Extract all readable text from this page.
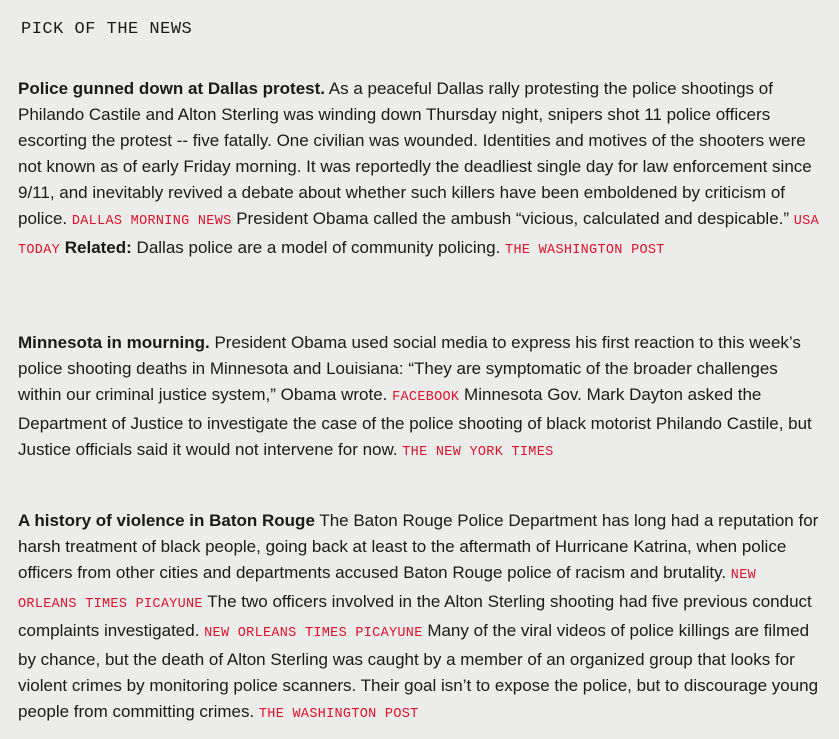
PICK OF THE NEWS

Police gunned down at Dallas protest. As a peaceful Dallas rally protesting the police shootings of Philando Castile and Alton Sterling was winding down Thursday night, snipers shot 11 police officers escorting the protest -- five fatally. One civilian was wounded. Identities and motives of the shooters were not known as of early Friday morning. It was reportedly the deadliest single day for law enforcement since 9/11, and inevitably revived a debate about whether such killers have been emboldened by criticism of police. DALLAS MORNING NEWS President Obama called the ambush “vicious, calculated and despicable.” USA TODAY Related: Dallas police are a model of community policing. THE WASHINGTON POST

Minnesota in mourning. President Obama used social media to express his first reaction to this week’s police shooting deaths in Minnesota and Louisiana: “They are symptomatic of the broader challenges within our criminal justice system,” Obama wrote. FACEBOOK Minnesota Gov. Mark Dayton asked the Department of Justice to investigate the case of the police shooting of black motorist Philando Castile, but Justice officials said it would not intervene for now. THE NEW YORK TIMES

A history of violence in Baton Rouge The Baton Rouge Police Department has long had a reputation for harsh treatment of black people, going back at least to the aftermath of Hurricane Katrina, when police officers from other cities and departments accused Baton Rouge police of racism and brutality. NEW ORLEANS TIMES PICAYUNE The two officers involved in the Alton Sterling shooting had five previous conduct complaints investigated. NEW ORLEANS TIMES PICAYUNE Many of the viral videos of police killings are filmed by chance, but the death of Alton Sterling was caught by a member of an organized group that looks for violent crimes by monitoring police scanners. Their goal isn’t to expose the police, but to discourage young people from committing crimes. THE WASHINGTON POST
